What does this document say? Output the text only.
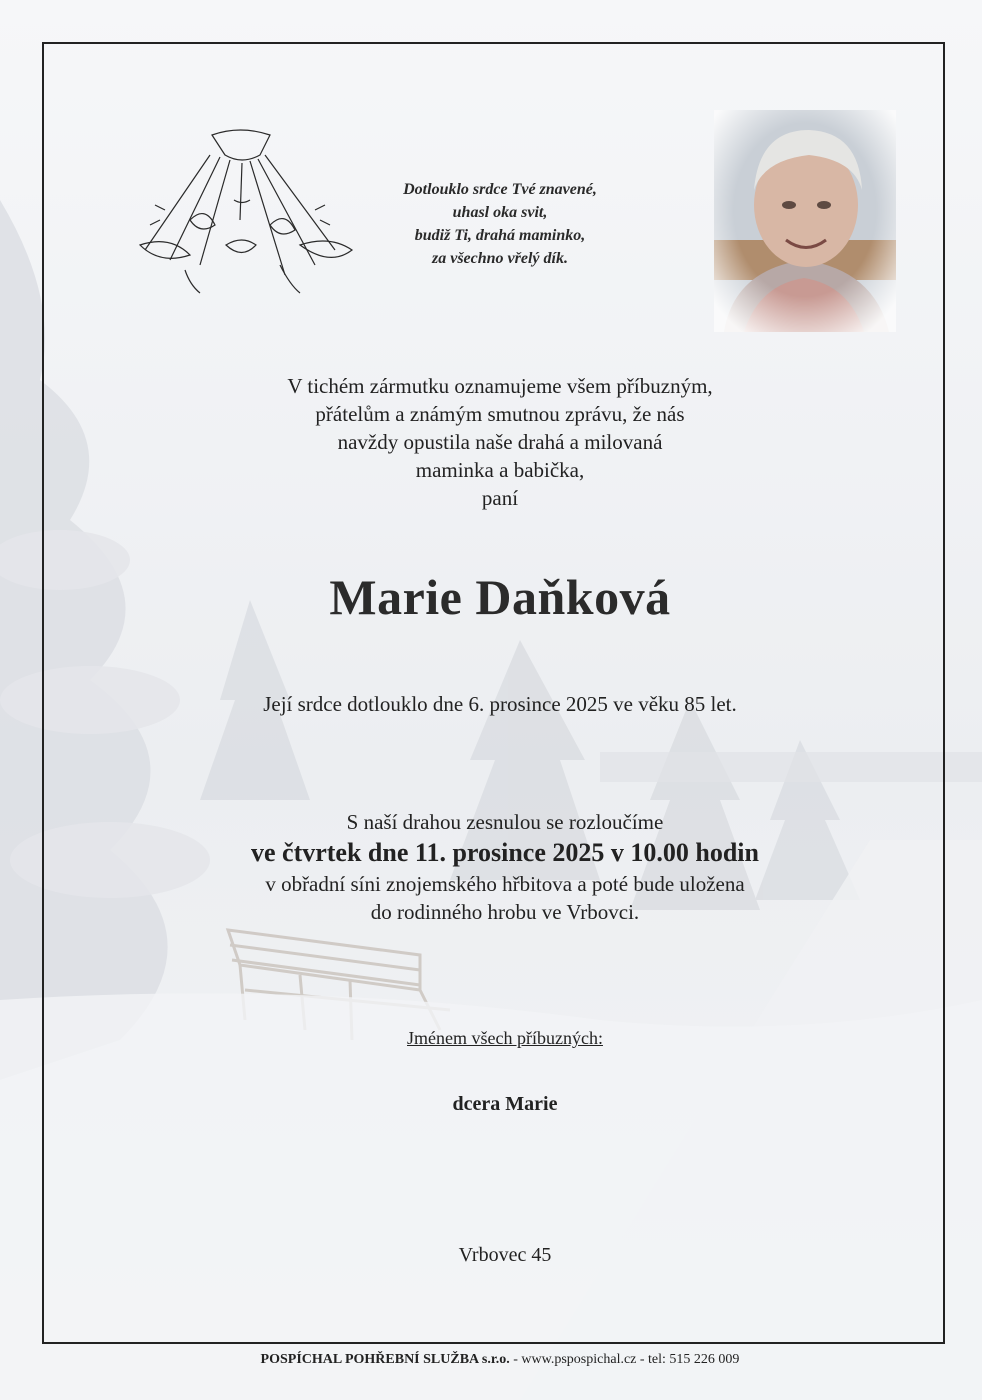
Dotlouklo srdce Tvé znavené,
uhasl oka svit,
budiž Ti, drahá maminko,
za všechno vřelý dík.
V tichém zármutku oznamujeme všem příbuzným,
přátelům a známým smutnou zprávu, že nás
navždy opustila naše drahá a milovaná
maminka a babička,
paní
Marie Daňková
Její srdce dotlouklo dne 6. prosince 2025 ve věku 85 let.
S naší drahou zesnulou se rozloučíme
ve čtvrtek dne 11. prosince 2025 v 10.00 hodin
v obřadní síni znojemského hřbitova a poté bude uložena
do rodinného hrobu ve Vrbovci.
Jménem všech příbuzných:
dcera Marie
Vrbovec 45
POSPÍCHAL POHŘEBNÍ SLUŽBA s.r.o. - www.pspospichal.cz - tel: 515 226 009
